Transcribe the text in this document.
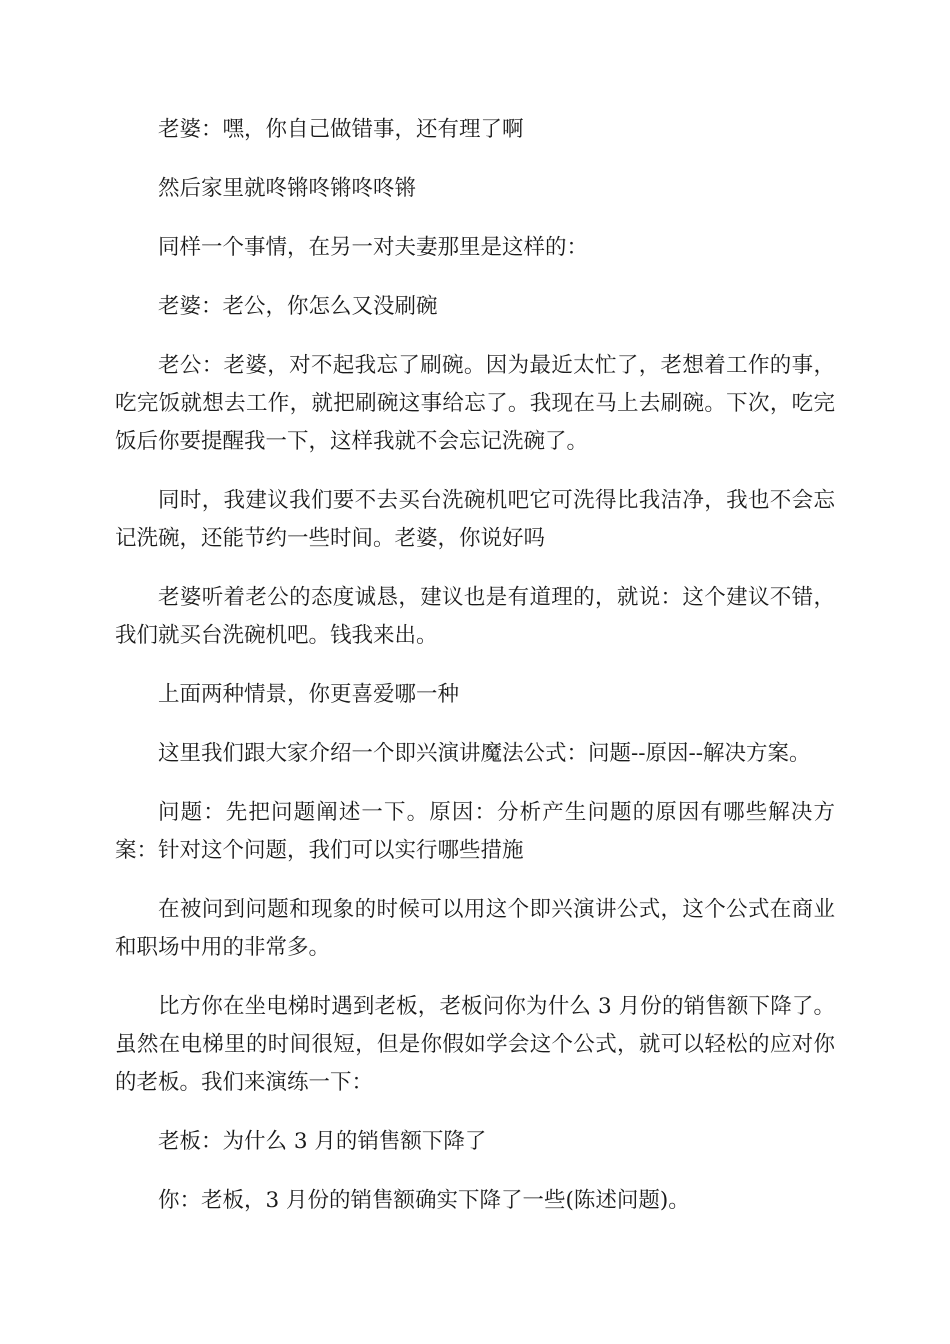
老婆：嘿，你自己做错事，还有理了啊

然后家里就咚锵咚锵咚咚锵

同样一个事情，在另一对夫妻那里是这样的：

老婆：老公，你怎么又没刷碗

老公：老婆，对不起我忘了刷碗。因为最近太忙了，老想着工作的事，吃完饭就想去工作，就把刷碗这事给忘了。我现在马上去刷碗。下次，吃完饭后你要提醒我一下，这样我就不会忘记洗碗了。

同时，我建议我们要不去买台洗碗机吧它可洗得比我洁净，我也不会忘记洗碗，还能节约一些时间。老婆，你说好吗

老婆听着老公的态度诚恳，建议也是有道理的，就说：这个建议不错，我们就买台洗碗机吧。钱我来出。

上面两种情景，你更喜爱哪一种

这里我们跟大家介绍一个即兴演讲魔法公式：问题--原因--解决方案。

问题：先把问题阐述一下。原因：分析产生问题的原因有哪些解决方案：针对这个问题，我们可以实行哪些措施

在被问到问题和现象的时候可以用这个即兴演讲公式，这个公式在商业和职场中用的非常多。

比方你在坐电梯时遇到老板，老板问你为什么 3 月份的销售额下降了。虽然在电梯里的时间很短，但是你假如学会这个公式，就可以轻松的应对你的老板。我们来演练一下：

老板：为什么 3 月的销售额下降了

你：老板，3 月份的销售额确实下降了一些(陈述问题)。
